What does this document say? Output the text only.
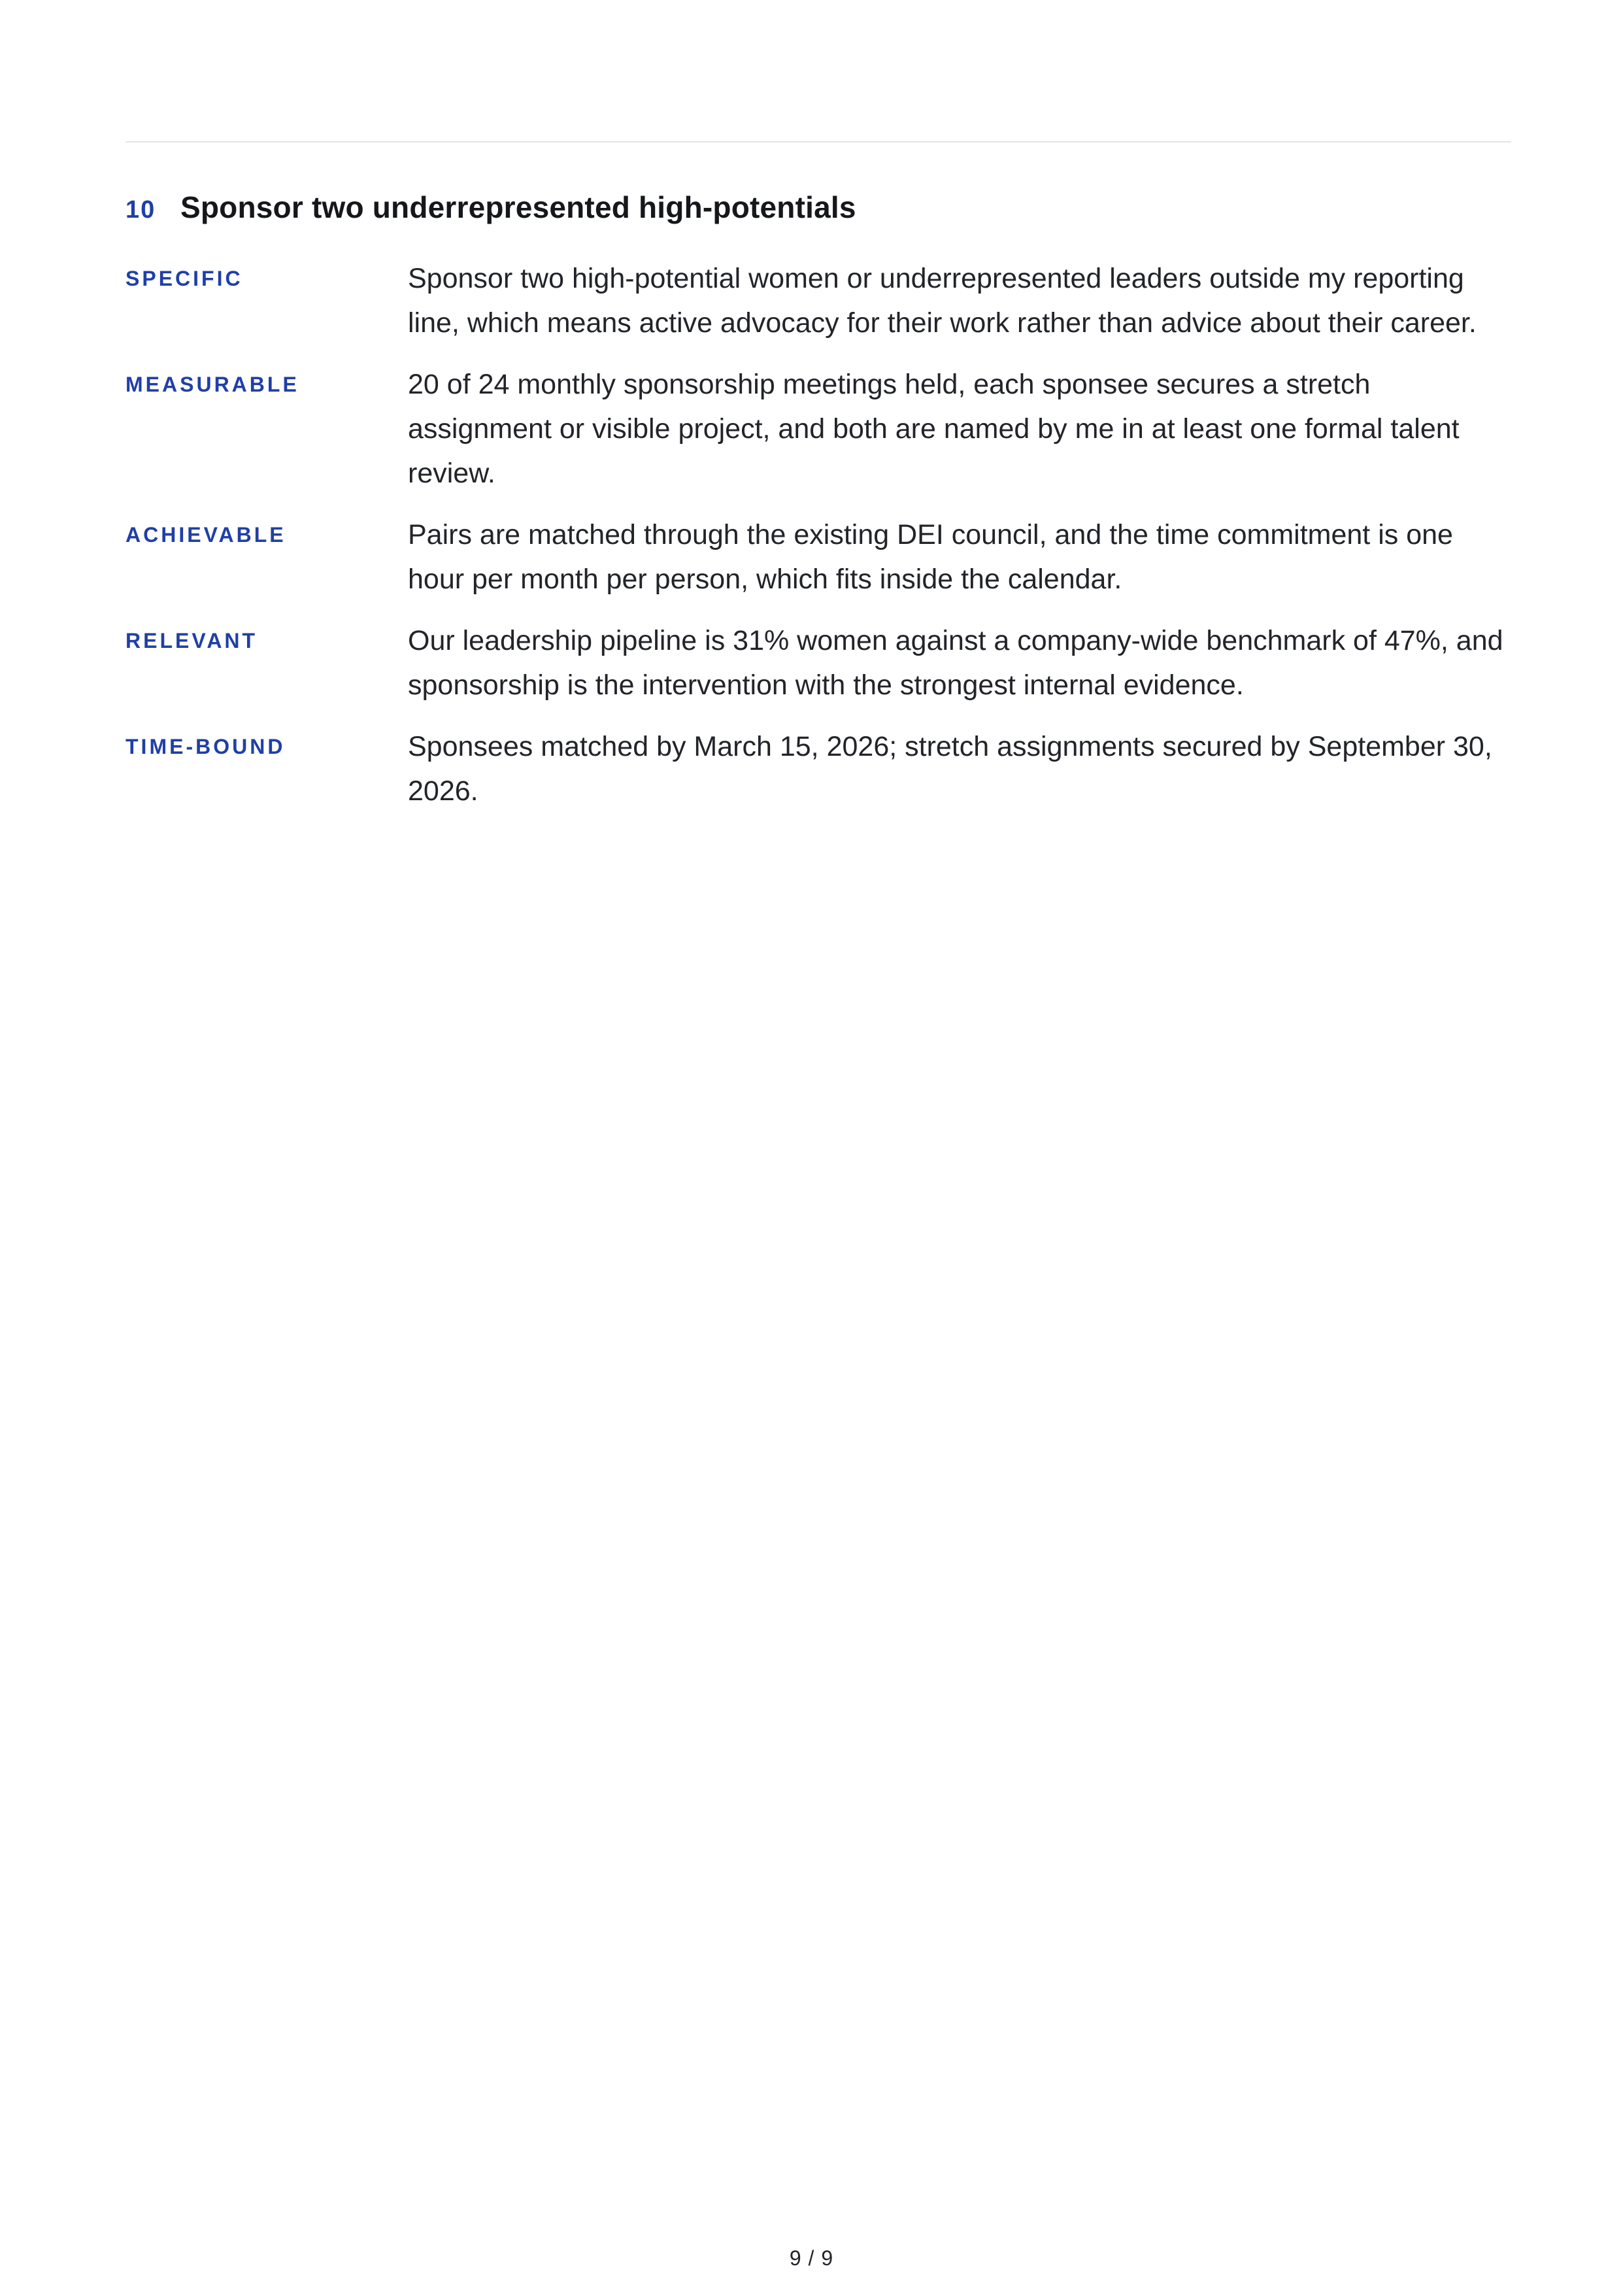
10 Sponsor two underrepresented high-potentials
SPECIFIC	Sponsor two high-potential women or underrepresented leaders outside my reporting line, which means active advocacy for their work rather than advice about their career.
MEASURABLE	20 of 24 monthly sponsorship meetings held, each sponsee secures a stretch assignment or visible project, and both are named by me in at least one formal talent review.
ACHIEVABLE	Pairs are matched through the existing DEI council, and the time commitment is one hour per month per person, which fits inside the calendar.
RELEVANT	Our leadership pipeline is 31% women against a company-wide benchmark of 47%, and sponsorship is the intervention with the strongest internal evidence.
TIME-BOUND	Sponsees matched by March 15, 2026; stretch assignments secured by September 30, 2026.
9 / 9
